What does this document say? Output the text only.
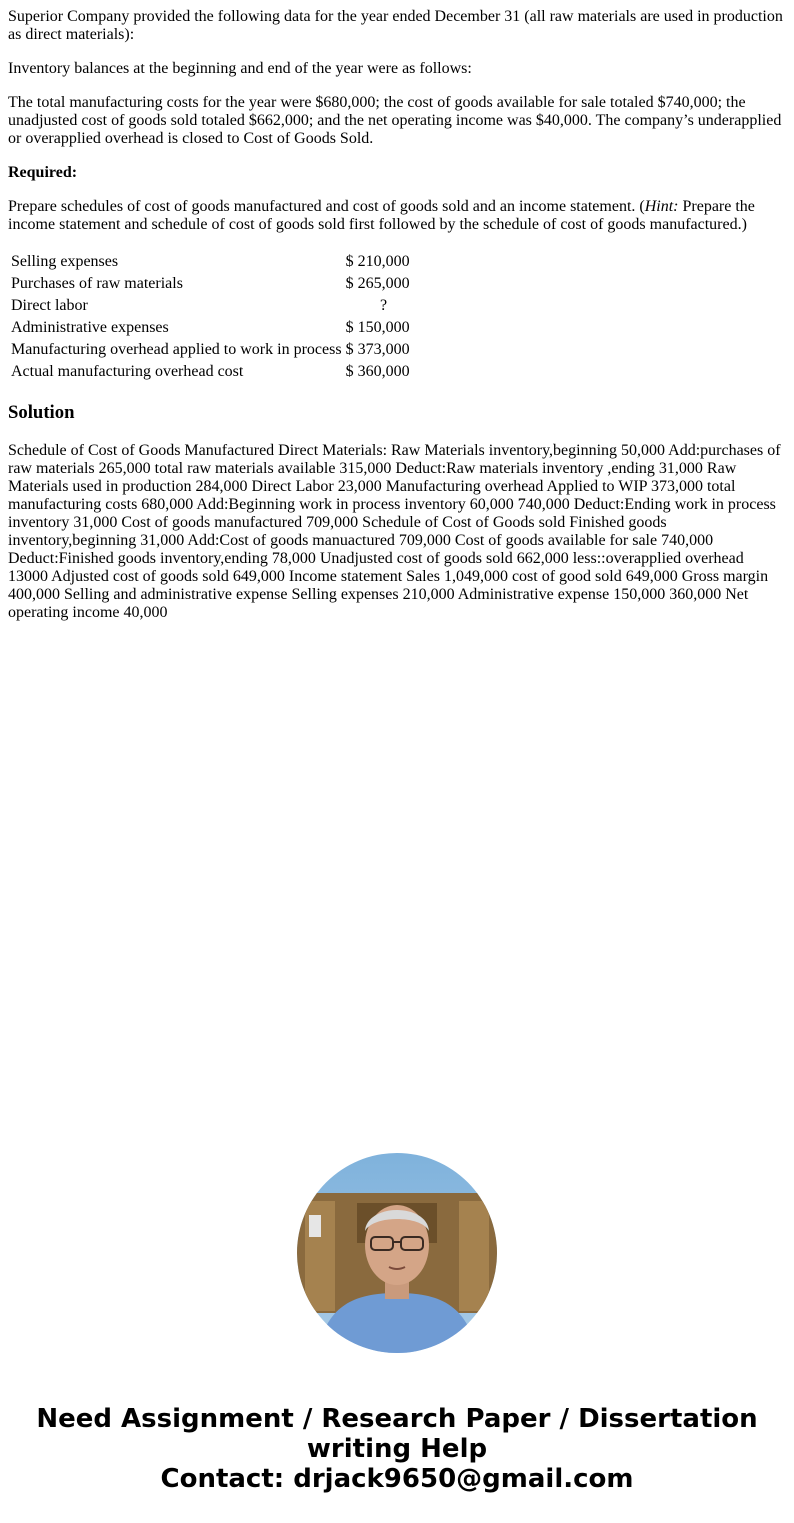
Superior Company provided the following data for the year ended December 31 (all raw materials are used in production as direct materials):

Inventory balances at the beginning and end of the year were as follows:

The total manufacturing costs for the year were $680,000; the cost of goods available for sale totaled $740,000; the unadjusted cost of goods sold totaled $662,000; and the net operating income was $40,000. The company’s underapplied or overapplied overhead is closed to Cost of Goods Sold.

Required:

Prepare schedules of cost of goods manufactured and cost of goods sold and an income statement. (Hint: Prepare the income statement and schedule of cost of goods sold first followed by the schedule of cost of goods manufactured.)

Selling expenses	$	210,000
Purchases of raw materials	$	265,000
Direct labor		?
Administrative expenses	$	150,000
Manufacturing overhead applied to work in process	$	373,000
Actual manufacturing overhead cost	$	360,000
Solution

Schedule of Cost of Goods Manufactured Direct Materials: Raw Materials inventory,beginning 50,000 Add:purchases of raw materials 265,000 total raw materials available 315,000 Deduct:Raw materials inventory ,ending 31,000 Raw Materials used in production 284,000 Direct Labor 23,000 Manufacturing overhead Applied to WIP 373,000 total manufacturing costs 680,000 Add:Beginning work in process inventory 60,000 740,000 Deduct:Ending work in process inventory 31,000 Cost of goods manufactured 709,000 Schedule of Cost of Goods sold Finished goods inventory,beginning 31,000 Add:Cost of goods manuactured 709,000 Cost of goods available for sale 740,000 Deduct:Finished goods inventory,ending 78,000 Unadjusted cost of goods sold 662,000 less::overapplied overhead 13000 Adjusted cost of goods sold 649,000 Income statement Sales 1,049,000 cost of good sold 649,000 Gross margin 400,000 Selling and administrative expense Selling expenses 210,000 Administrative expense 150,000 360,000 Net operating income 40,000

Need Assignment / Research Paper / Dissertation
writing Help
Contact: drjack9650@gmail.com
